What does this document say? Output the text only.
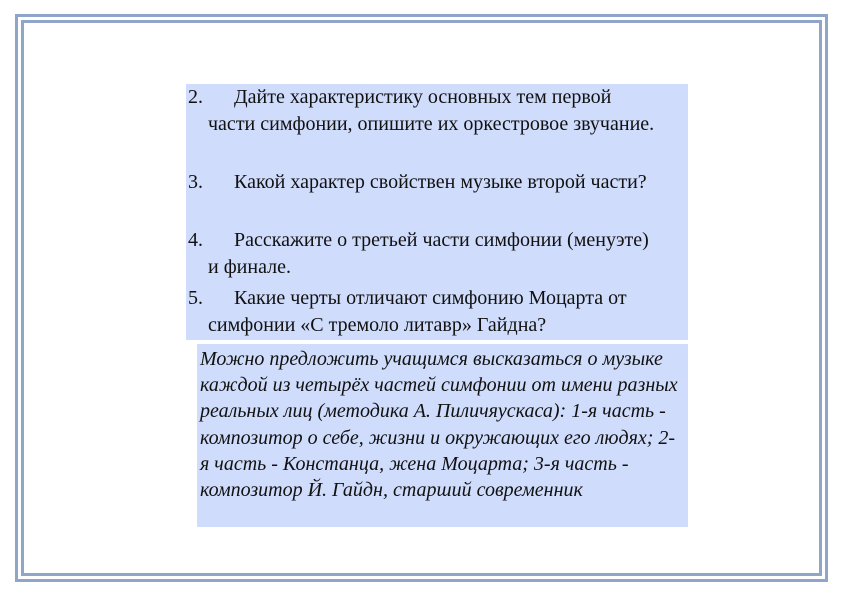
2.	Дайте характеристику основных тем первой части симфонии, опишите их оркестровое звучание.
3.	Какой характер свойствен музыке второй части?
4.	Расскажите о третьей части симфонии (менуэте) и финале.
5.	Какие черты отличают симфонию Моцарта от симфонии «С тремоло литавр» Гайдна?

Можно предложить учащимся высказаться о музыке каждой из четырёх частей симфонии от имени разных реальных лиц (методика А. Пиличяускаса): 1-я часть - композитор о себе, жизни и окружающих его людях; 2-я часть - Констанца, жена Моцарта; 3-я часть - композитор Й. Гайдн, старший современник
